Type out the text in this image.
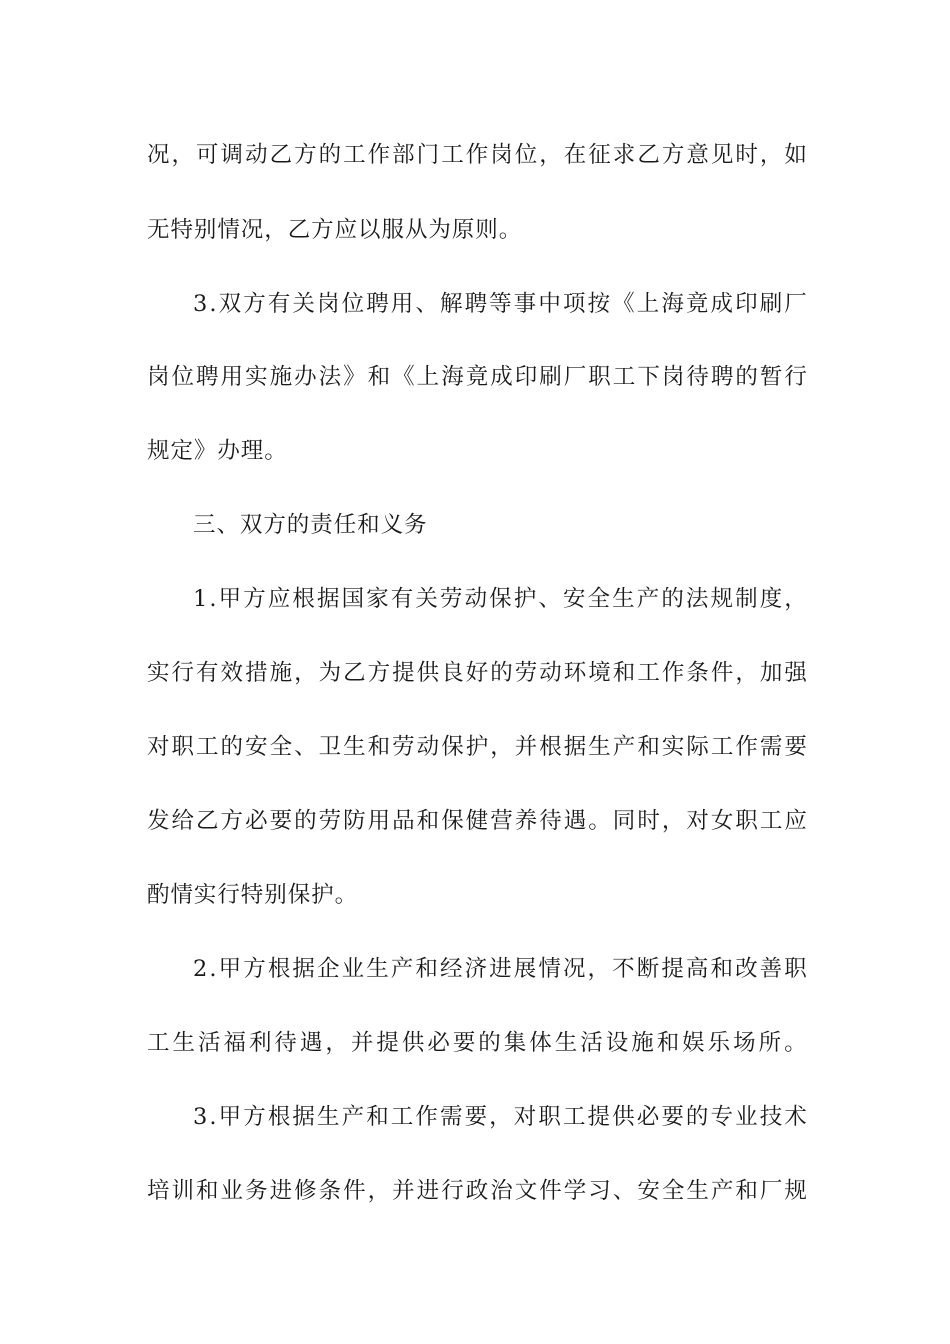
况 ， 可 调 动 乙 方 的 工 作 部 门 工 作 岗 位 ， 在 征 求 乙 方 意 见 时 ， 如
无特别情况，乙方应以服从为原则。
3 . 双 方 有 关 岗 位 聘 用 、 解 聘 等 事 中 项 按 《 上 海 竟 成 印 刷 厂
岗 位 聘 用 实 施 办 法 》 和 《 上 海 竟 成 印 刷 厂 职 工 下 岗 待 聘 的 暂 行
规定》办理。
三、双方的责任和义务
1 . 甲 方 应 根 据 国 家 有 关 劳 动 保 护 、 安 全 生 产 的 法 规 制 度 ，
实 行 有 效 措 施 ， 为 乙 方 提 供 良 好 的 劳 动 环 境 和 工 作 条 件 ， 加 强
对 职 工 的 安 全 、 卫 生 和 劳 动 保 护 ， 并 根 据 生 产 和 实 际 工 作 需 要
发 给 乙 方 必 要 的 劳 防 用 品 和 保 健 营 养 待 遇 。 同 时 ， 对 女 职 工 应
酌情实行特别保护。
2 . 甲 方 根 据 企 业 生 产 和 经 济 进 展 情 况 ， 不 断 提 高 和 改 善 职
工 生 活 福 利 待 遇 ， 并 提 供 必 要 的 集 体 生 活 设 施 和 娱 乐 场 所 。
3 . 甲 方 根 据 生 产 和 工 作 需 要 ， 对 职 工 提 供 必 要 的 专 业 技 术
培 训 和 业 务 进 修 条 件 ， 并 进 行 政 治 文 件 学 习 、 安 全 生 产 和 厂 规
